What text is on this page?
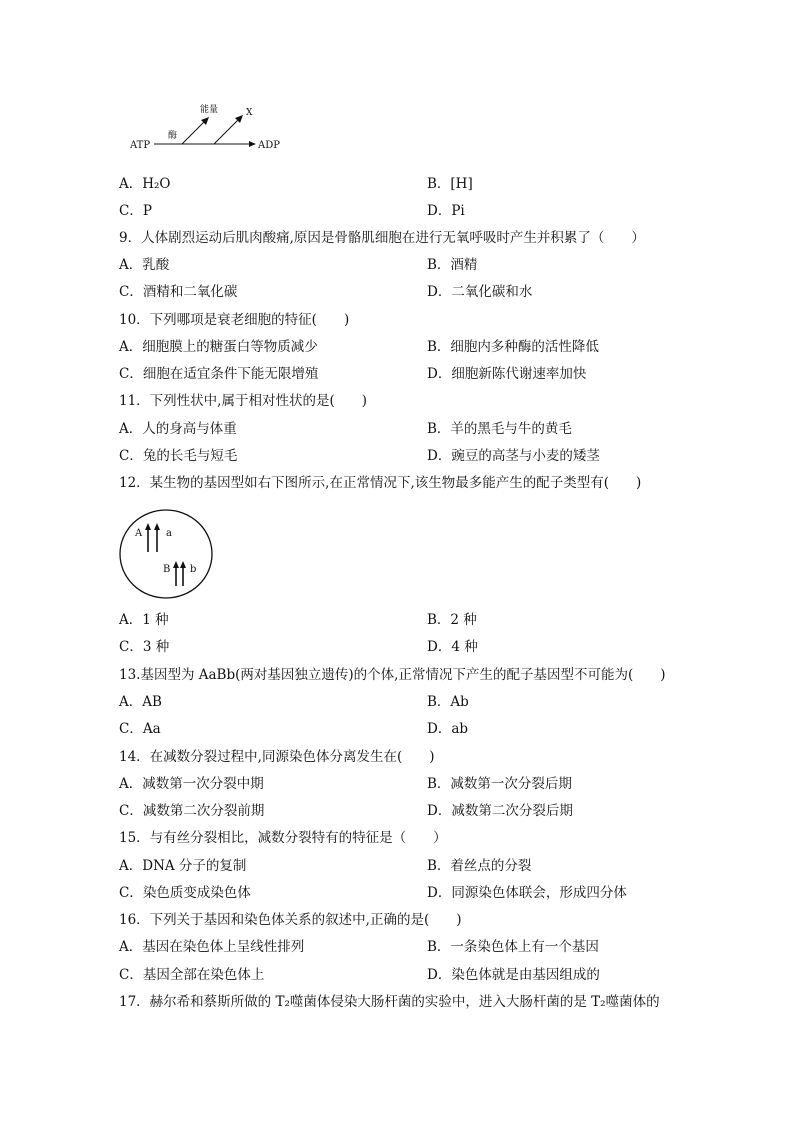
ATP	ADP
酶
能量	X
A．H₂O	B．[H]
C．P	D．Pi
9．人体剧烈运动后肌肉酸痛,原因是骨骼肌细胞在进行无氧呼吸时产生并积累了（　　）
A．乳酸	B．酒精
C．酒精和二氧化碳	D．二氧化碳和水
10．下列哪项是衰老细胞的特征(　　)
A．细胞膜上的糖蛋白等物质减少	B．细胞内多种酶的活性降低
C．细胞在适宜条件下能无限增殖	D．细胞新陈代谢速率加快
11．下列性状中,属于相对性状的是(　　)
A．人的身高与体重	B．羊的黑毛与牛的黄毛
C．兔的长毛与短毛	D．豌豆的高茎与小麦的矮茎
12．某生物的基因型如右下图所示,在正常情况下,该生物最多能产生的配子类型有(　　)
A a
B b
A．1 种	B．2 种
C．3 种	D．4 种
13.基因型为 AaBb(两对基因独立遗传)的个体,正常情况下产生的配子基因型不可能为(　　)
A．AB	B．Ab
C．Aa	D．ab
14．在减数分裂过程中,同源染色体分离发生在(　　)
A．减数第一次分裂中期	B．减数第一次分裂后期
C．减数第二次分裂前期	D．减数第二次分裂后期
15．与有丝分裂相比，减数分裂特有的特征是（　　）
A．DNA 分子的复制	B．着丝点的分裂
C．染色质变成染色体	D．同源染色体联会，形成四分体
16．下列关于基因和染色体关系的叙述中,正确的是(　　)
A．基因在染色体上呈线性排列	B．一条染色体上有一个基因
C．基因全部在染色体上	D．染色体就是由基因组成的
17．赫尔希和蔡斯所做的 T₂噬菌体侵染大肠杆菌的实验中，进入大肠杆菌的是 T₂噬菌体的
